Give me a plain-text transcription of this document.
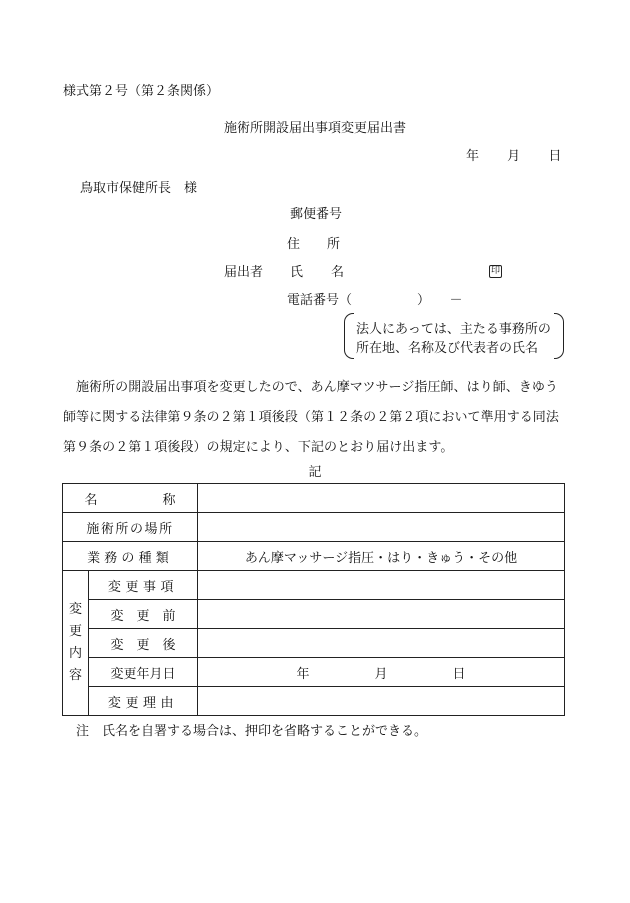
様式第２号（第２条関係）
施術所開設届出事項変更届出書
年 月 日
鳥取市保健所長　様
郵便番号
住 所
届出者 氏 名	印
電話番号（　　　　　）　　－
法人にあっては、主たる事務所の
所在地、名称及び代表者の氏名
施術所の開設届出事項を変更したので、あん摩マツサージ指圧師、はり師、きゆう師等に関する法律第９条の２第１項後段（第１２条の２第２項において準用する同法第９条の２第１項後段）の規定により、下記のとおり届け出ます。
記
名　　　　　称		
施術所の場所		
業務の種類		あん摩マッサージ指圧・はり・きゅう・その他

変
更
内
容	変更事項	
	変　更　前	
	変　更　後	
	変更年月日	年　　　　　月　　　　　日
	変更理由	
注　氏名を自署する場合は、押印を省略することができる。
